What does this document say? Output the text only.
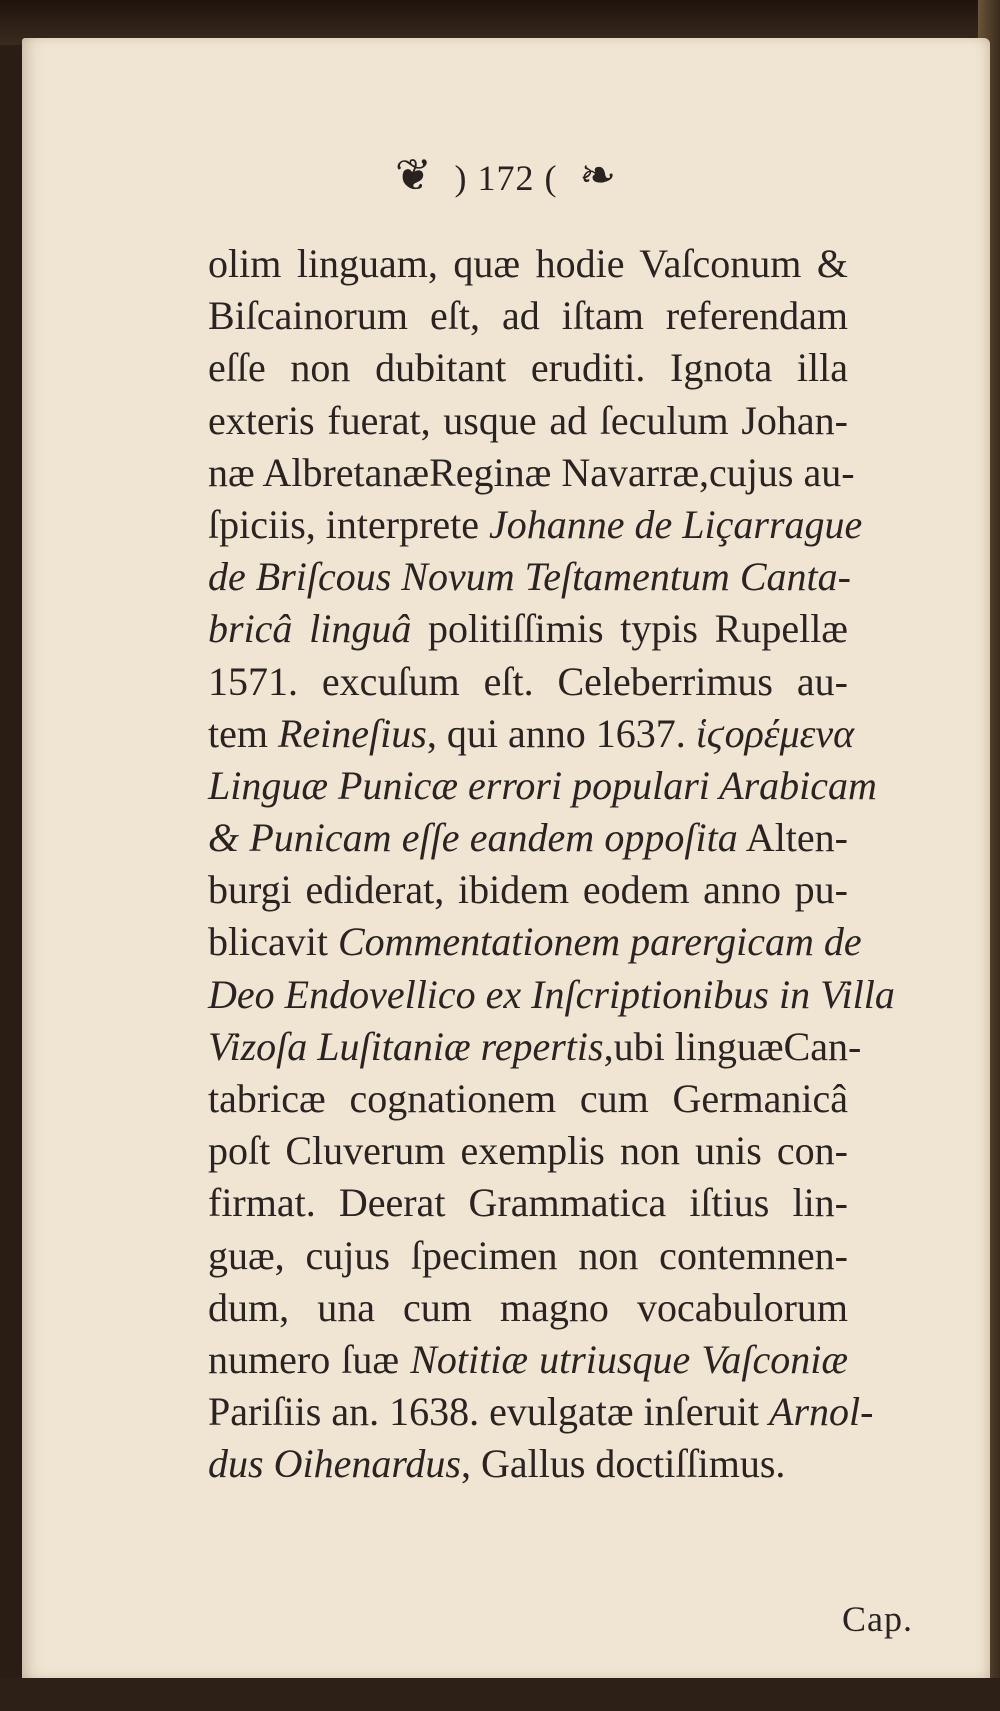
❦ ) 172 ( ❧
olim linguam, quæ hodie Vaſconum &
Biſcainorum eſt, ad iſtam referendam
eſſe non dubitant eruditi. Ignota illa
exteris fuerat, usque ad ſeculum Johan-
næ AlbretanæReginæ Navarræ,cujus au-
ſpiciis, interprete Johanne de Liçarrague
de Briſcous Novum Teſtamentum Canta-
bricâ linguâ politiſſimis typis Rupellæ
1571. excuſum eſt. Celeberrimus au-
tem Reineſius, qui anno 1637. ἱϛορέμενα
Linguæ Punicæ errori populari Arabicam
& Punicam eſſe eandem oppoſita Alten-
burgi ediderat, ibidem eodem anno pu-
blicavit Commentationem parergicam de
Deo Endovellico ex Inſcriptionibus in Villa
Vizoſa Luſitaniæ repertis,ubi linguæCan-
tabricæ cognationem cum Germanicâ
poſt Cluverum exemplis non unis con-
firmat. Deerat Grammatica iſtius lin-
guæ, cujus ſpecimen non contemnen-
dum, una cum magno vocabulorum
numero ſuæ Notitiæ utriusque Vaſconiæ
Pariſiis an. 1638. evulgatæ inſeruit Arnol-
dus Oihenardus, Gallus doctiſſimus.
Cap.
